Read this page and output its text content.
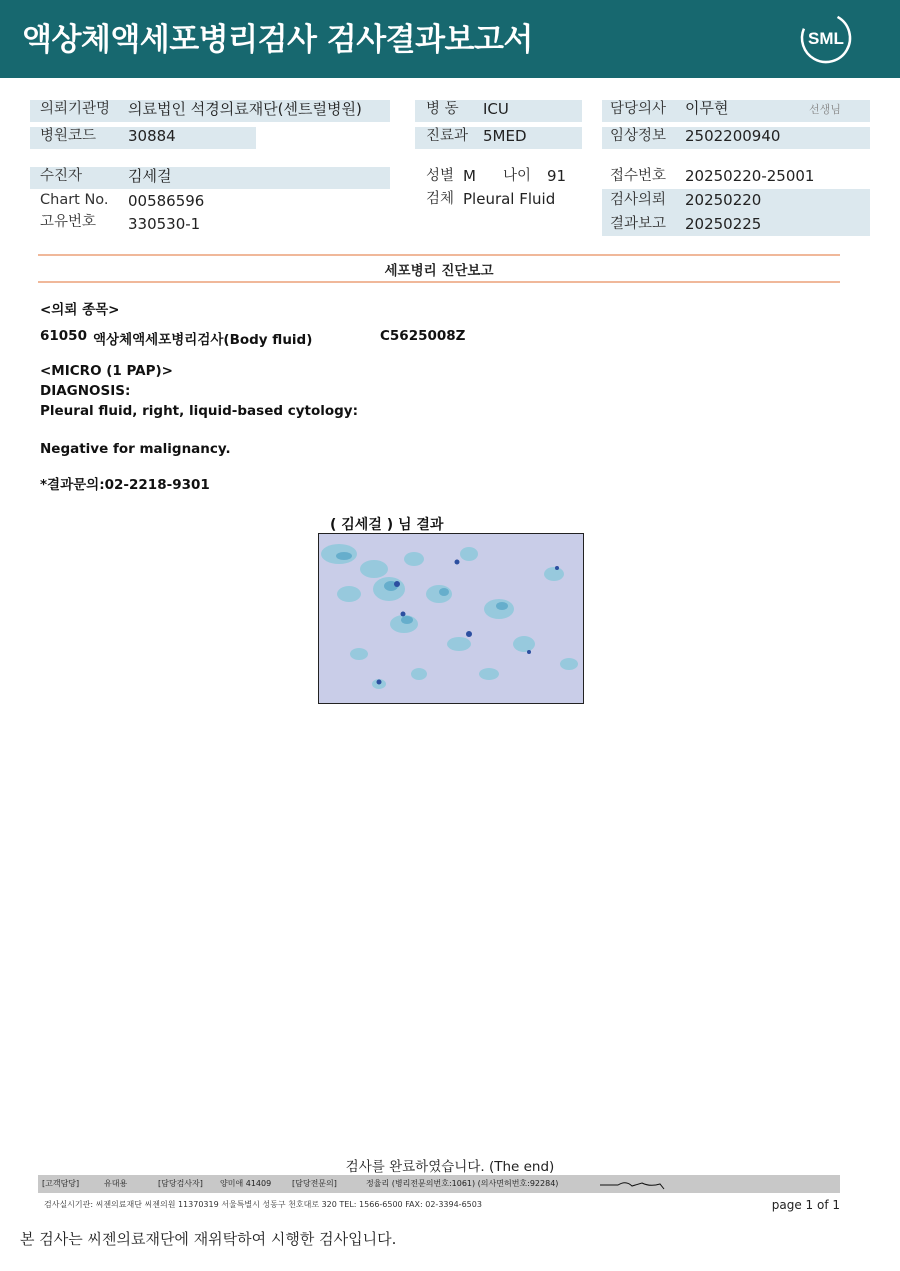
액상체액세포병리검사 검사결과보고서	SML
의뢰기관명 의료법인 석경의료재단(센트럴병원)
병원코드 30884
수진자	김세걸
Chart No. 00586596
고유번호 330530-1
병 동 ICU
진료과 5MED
성별 M 나이 91
검체 Pleural Fluid
담당의사 이무현	선생님
임상정보 2502200940
접수번호 20250220-25001
검사의뢰 20250220
결과보고 20250225
세포병리 진단보고
<의뢰 종목>
61050 액상체액세포병리검사(Body fluid)	C5625008Z
<MICRO (1 PAP)>
DIAGNOSIS:
Pleural fluid, right, liquid-based cytology:
Negative for malignancy.
*결과문의:02-2218-9301
( 김세걸 ) 님 결과
검사를 완료하였습니다. (The end)
[고객담당]	유대용	[담당검사자] 양미애 41409	[담당전문의]	정율리 (병리전문의번호:1061) (의사면허번호:92284)
검사실시기관: 씨젠의료재단 씨젠의원 11370319 서울특별시 성동구 천호대로 320 TEL: 1566-6500 FAX: 02-3394-6503	page 1 of 1
본 검사는 씨젠의료재단에 재위탁하여 시행한 검사입니다.
